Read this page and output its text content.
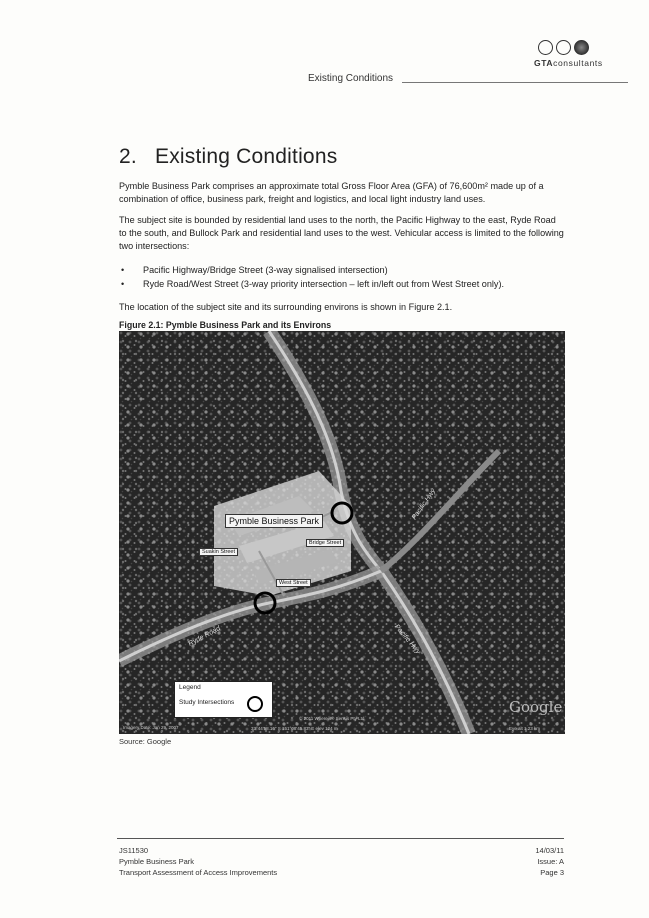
GTAconsultants
Existing Conditions
2. Existing Conditions

Pymble Business Park comprises an approximate total Gross Floor Area (GFA) of 76,600m² made up of a combination of office, business park, freight and logistics, and local light industry land uses.

The subject site is bounded by residential land uses to the north, the Pacific Highway to the east, Ryde Road to the south, and Bullock Park and residential land uses to the west. Vehicular access is limited to the following two intersections:

• Pacific Highway/Bridge Street (3-way signalised intersection)
• Ryde Road/West Street (3-way priority intersection – left in/left out from West Street only).

The location of the subject site and its surrounding environs is shown in Figure 2.1.

Figure 2.1: Pymble Business Park and its Environs
Pymble Business Park
Bridge Street
Suakin Street
West Street
Ryde Road
Pacific Hwy
Pacific Hwy
Legend
Study Intersections
Imagery Date: Jan 29, 2007
© 2011 Whereis® Sensis Pty Ltd
33°44'58.16" S 151°08'45.83" E elev 124 m
Google
Eye alt 1.23 km
Source: Google
JS11530
Pymble Business Park
Transport Assessment of Access Improvements
14/03/11
Issue: A
Page 3
